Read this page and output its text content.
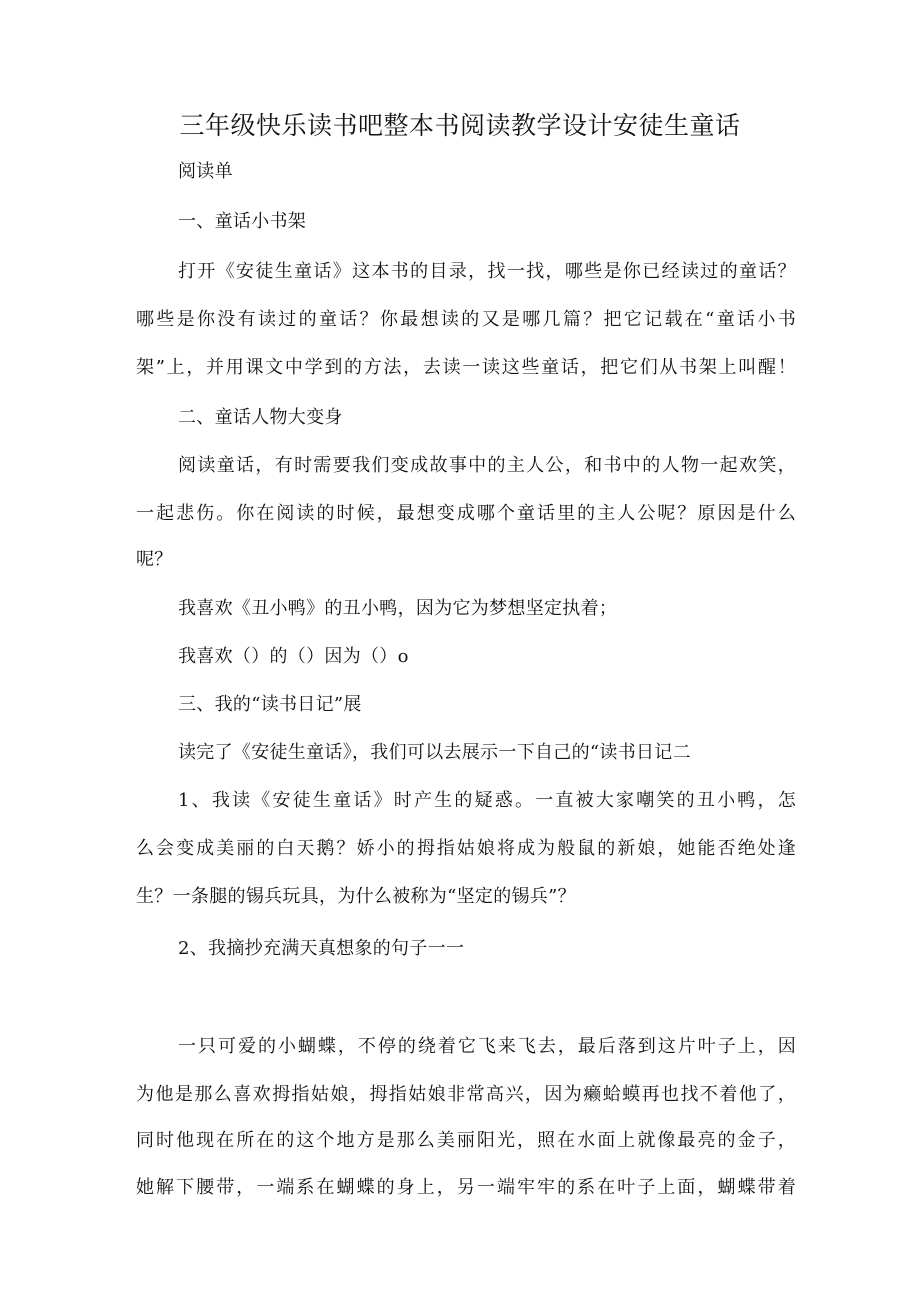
三年级快乐读书吧整本书阅读教学设计安徒生童话
阅读单
一、童话小书架
打开《安徒生童话》这本书的目录，找一找，哪些是你已经读过的童话？
哪些是你没有读过的童话？你最想读的又是哪几篇？把它记载在“童话小书
架”上，并用课文中学到的方法，去读一读这些童话，把它们从书架上叫醒！
二、童话人物大变身
阅读童话，有时需要我们变成故事中的主人公，和书中的人物一起欢笑，
一起悲伤。你在阅读的时候，最想变成哪个童话里的主人公呢？原因是什么
呢？
我喜欢《丑小鸭》的丑小鸭，因为它为梦想坚定执着；
我喜欢（）的（）因为（）o
三、我的“读书日记”展
读完了《安徒生童话》，我们可以去展示一下自己的“读书日记二
1、我读《安徒生童话》时产生的疑惑。一直被大家嘲笑的丑小鸭，怎
么会变成美丽的白天鹅？娇小的拇指姑娘将成为般鼠的新娘，她能否绝处逢
生？一条腿的锡兵玩具，为什么被称为“坚定的锡兵”？
2、我摘抄充满天真想象的句子一一
一只可爱的小蝴蝶，不停的绕着它飞来飞去，最后落到这片叶子上，因
为他是那么喜欢拇指姑娘，拇指姑娘非常高兴，因为癞蛤蟆再也找不着他了，
同时他现在所在的这个地方是那么美丽阳光，照在水面上就像最亮的金子，
她解下腰带，一端系在蝴蝶的身上，另一端牢牢的系在叶子上面，蝴蝶带着
